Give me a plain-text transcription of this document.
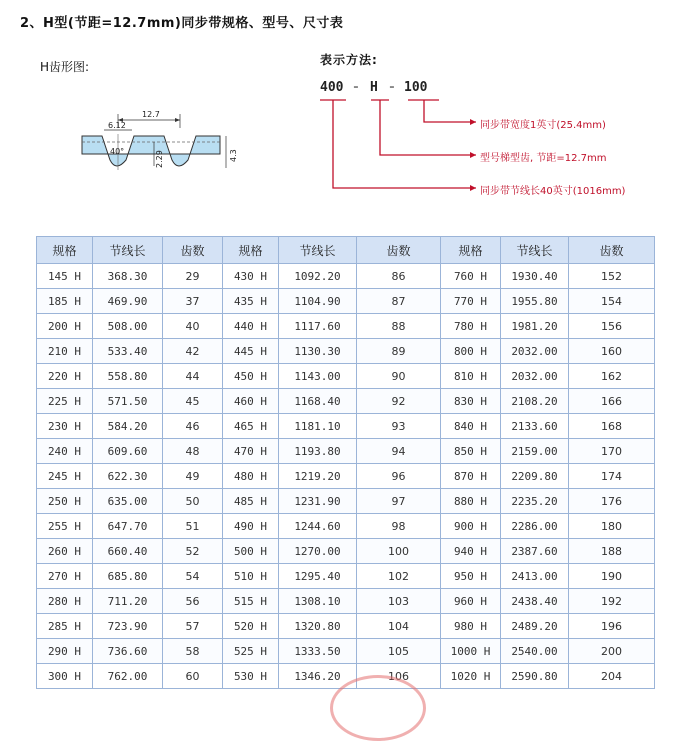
2、H型(节距=12.7mm)同步带规格、型号、尺寸表
H齿形图:
12.7
6.12
40°	2.29	4.3
表示方法:
400 - H - 100
同步带宽度1英寸(25.4mm)
型号梯型齿, 节距=12.7mm
同步带节线长40英寸(1016mm)
规格	节线长	齿数	规格	节线长	齿数	规格	节线长	齿数
145 H	368.30	29	430 H	1092.20	86	760 H	1930.40	152
185 H	469.90	37	435 H	1104.90	87	770 H	1955.80	154
200 H	508.00	40	440 H	1117.60	88	780 H	1981.20	156
210 H	533.40	42	445 H	1130.30	89	800 H	2032.00	160
220 H	558.80	44	450 H	1143.00	90	810 H	2032.00	162
225 H	571.50	45	460 H	1168.40	92	830 H	2108.20	166
230 H	584.20	46	465 H	1181.10	93	840 H	2133.60	168
240 H	609.60	48	470 H	1193.80	94	850 H	2159.00	170
245 H	622.30	49	480 H	1219.20	96	870 H	2209.80	174
250 H	635.00	50	485 H	1231.90	97	880 H	2235.20	176
255 H	647.70	51	490 H	1244.60	98	900 H	2286.00	180
260 H	660.40	52	500 H	1270.00	100	940 H	2387.60	188
270 H	685.80	54	510 H	1295.40	102	950 H	2413.00	190
280 H	711.20	56	515 H	1308.10	103	960 H	2438.40	192
285 H	723.90	57	520 H	1320.80	104	980 H	2489.20	196
290 H	736.60	58	525 H	1333.50	105	1000 H	2540.00	200
300 H	762.00	60	530 H	1346.20	106	1020 H	2590.80	204
